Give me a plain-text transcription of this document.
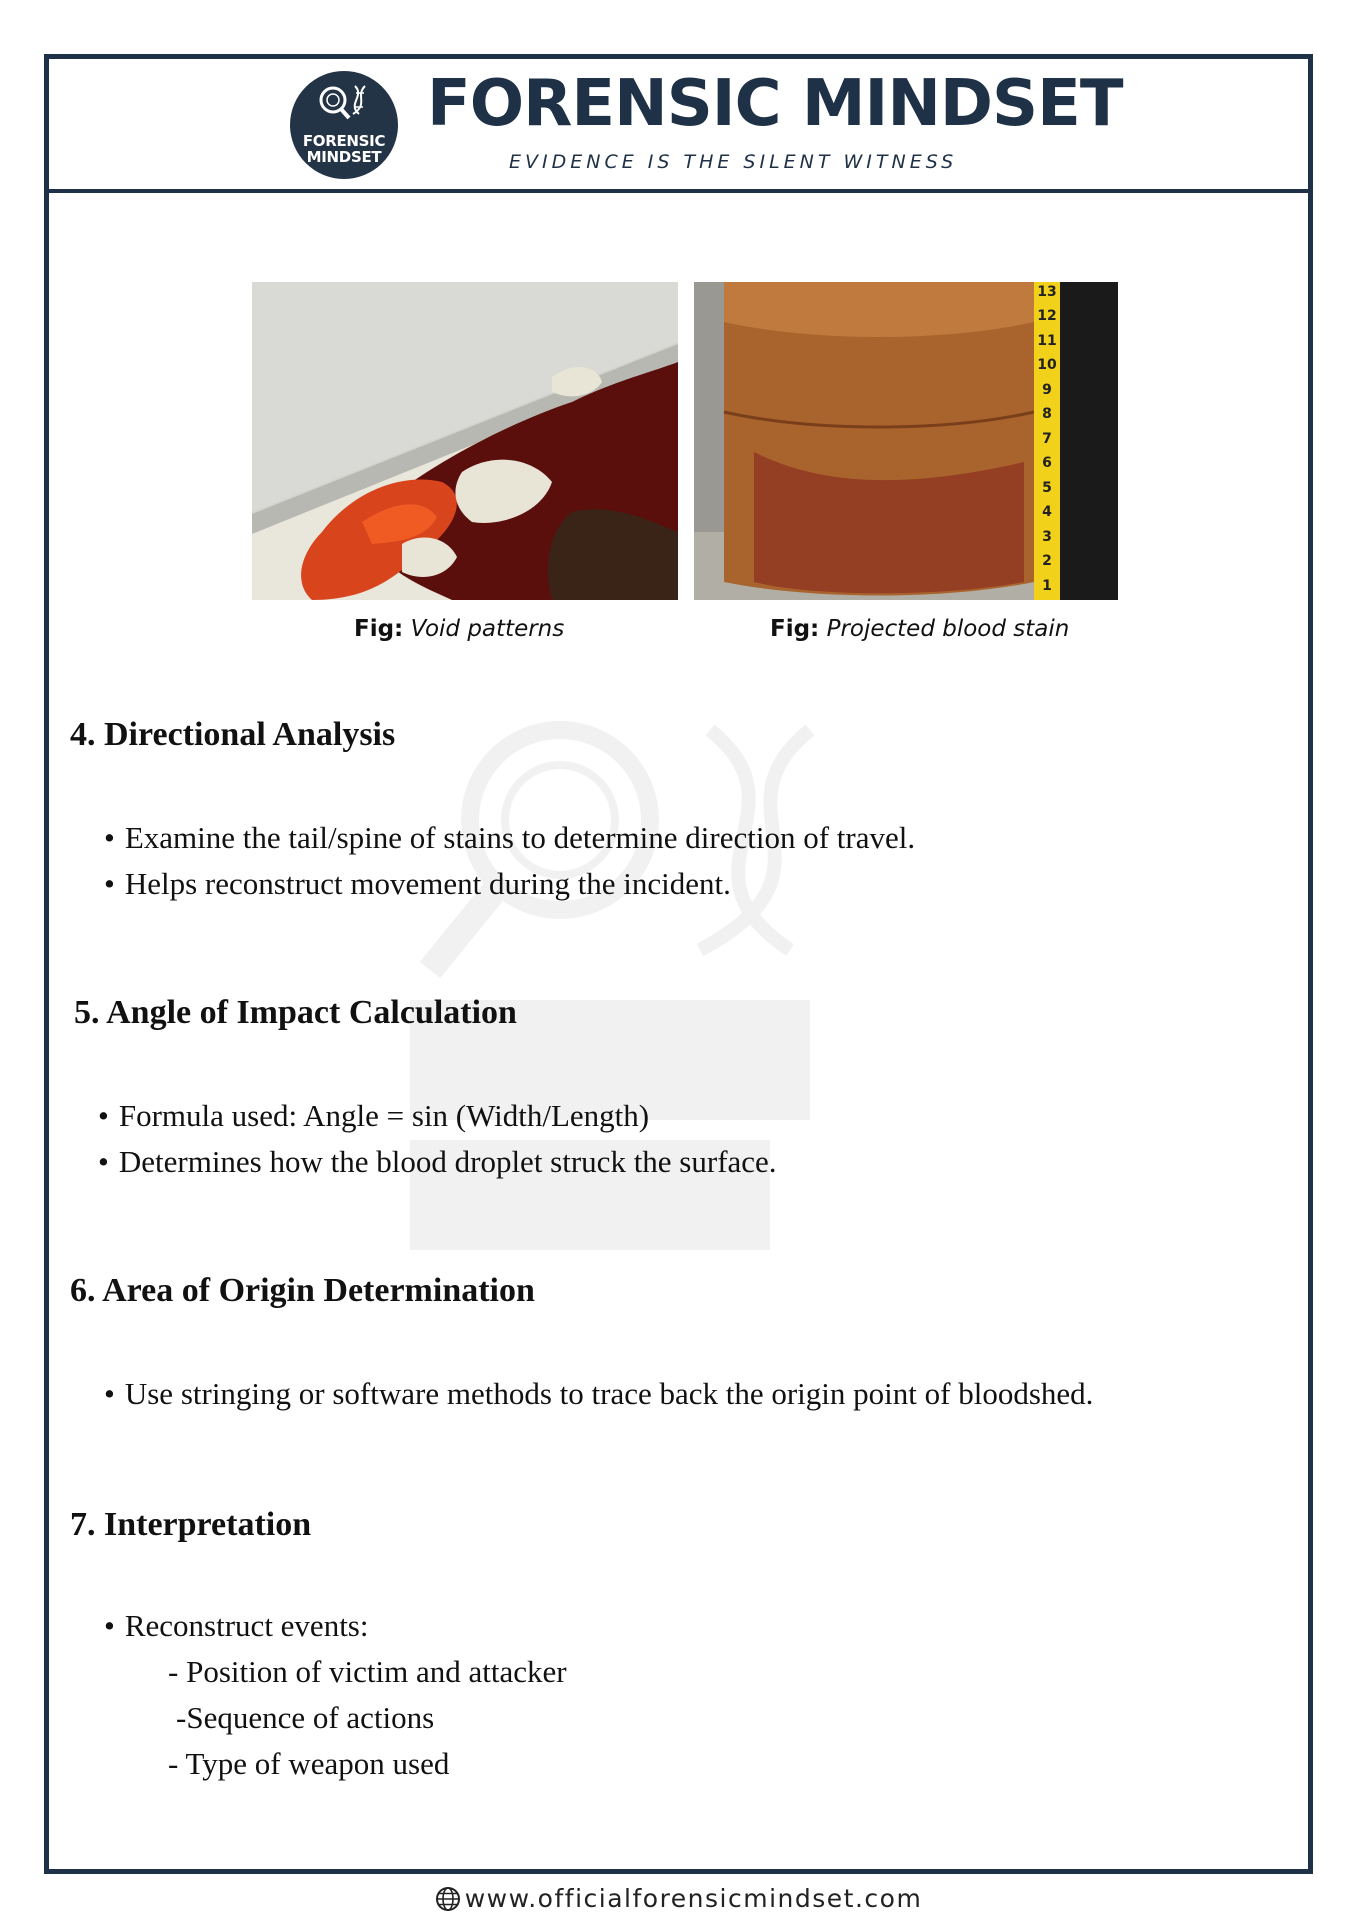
FORENSIC
MINDSET
FORENSIC MINDSET
EVIDENCE IS THE SILENT WITNESS
13
12
11
10
9
8
7
6
5
4
3
2
1
Fig: Void patterns	Fig: Projected blood stain
4. Directional Analysis
• Examine the tail/spine of stains to determine direction of travel.
• Helps reconstruct movement during the incident.
5. Angle of Impact Calculation
• Formula used: Angle = sin (Width/Length)
• Determines how the blood droplet struck the surface.
6. Area of Origin Determination
• Use stringing or software methods to trace back the origin point of bloodshed.
7. Interpretation
• Reconstruct events:
- Position of victim and attacker
-Sequence of actions
- Type of weapon used
www.officialforensicmindset.com
